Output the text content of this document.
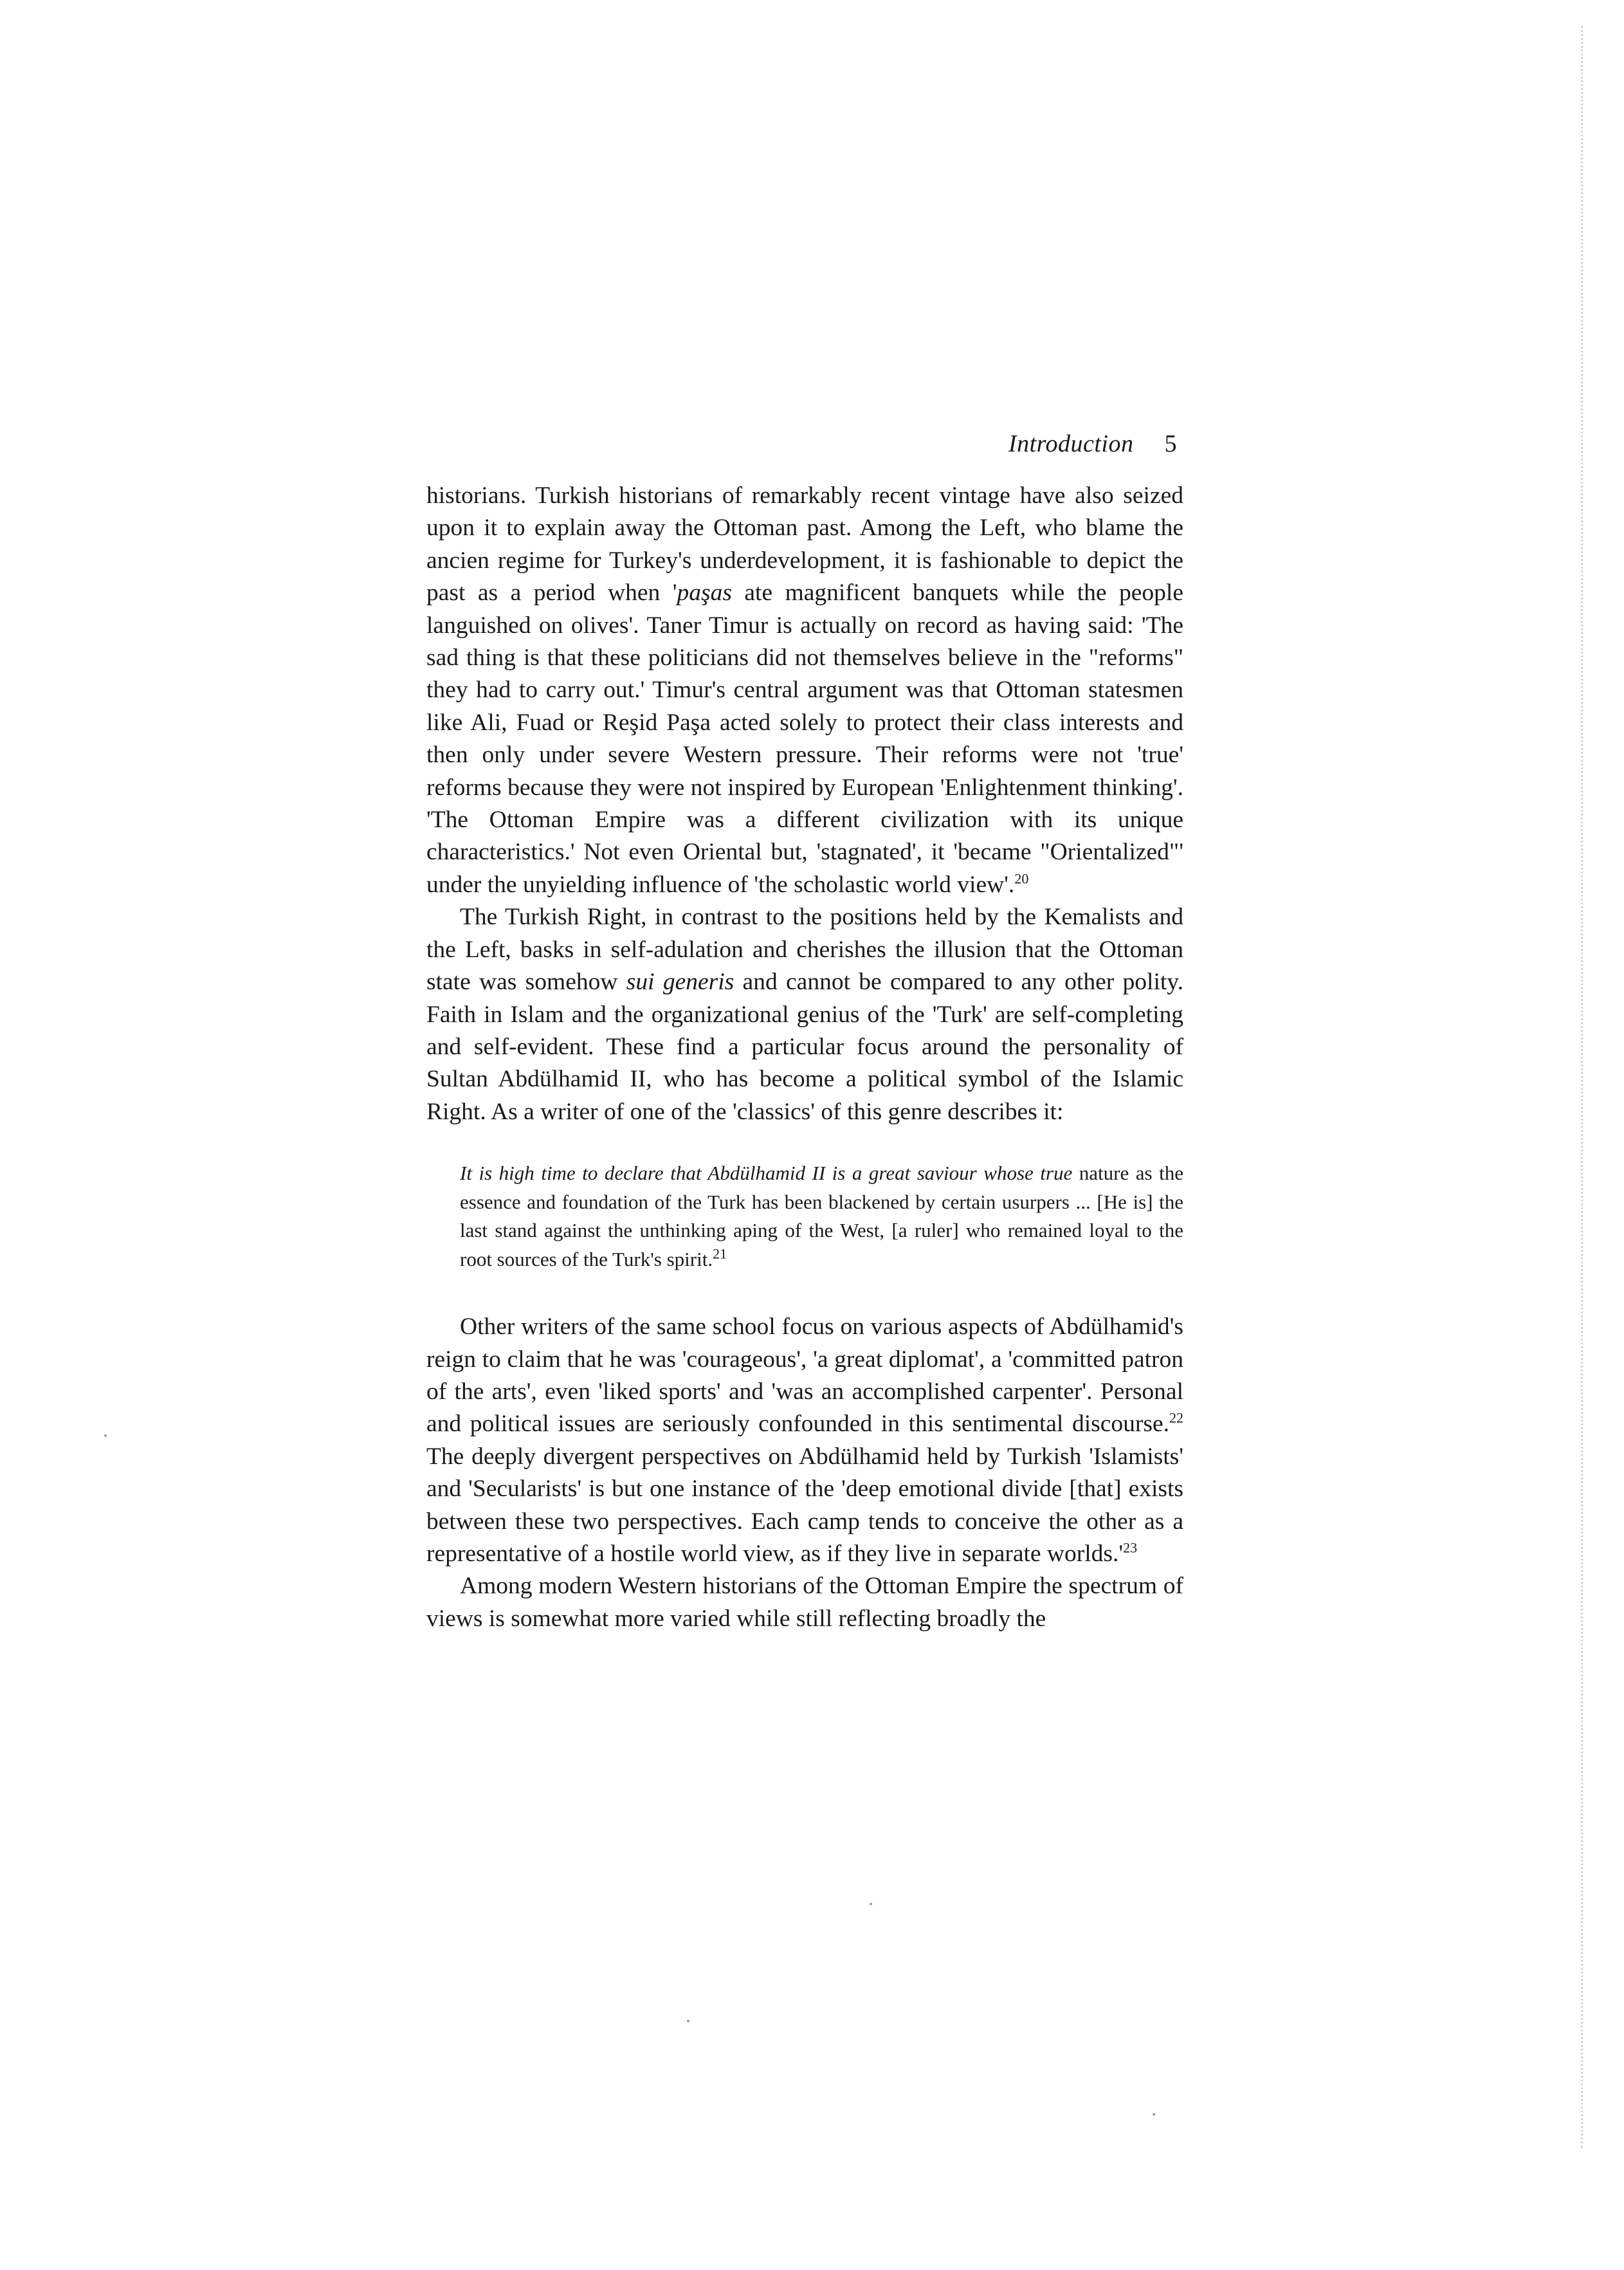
Introduction 5

historians. Turkish historians of remarkably recent vintage have also seized upon it to explain away the Ottoman past. Among the Left, who blame the ancien regime for Turkey's underdevelopment, it is fashionable to depict the past as a period when 'paşas ate magnificent banquets while the people languished on olives'. Taner Timur is actually on record as having said: 'The sad thing is that these politicians did not themselves believe in the "reforms" they had to carry out.' Timur's central argument was that Ottoman statesmen like Ali, Fuad or Reşid Paşa acted solely to protect their class interests and then only under severe Western pressure. Their reforms were not 'true' reforms because they were not inspired by European 'Enlightenment thinking'. 'The Ottoman Empire was a different civilization with its unique characteristics.' Not even Oriental but, 'stagnated', it 'became "Orientalized"' under the unyielding influence of 'the scholastic world view'.$^{20}$

The Turkish Right, in contrast to the positions held by the Kemalists and the Left, basks in self-adulation and cherishes the illusion that the Ottoman state was somehow sui generis and cannot be compared to any other polity. Faith in Islam and the organizational genius of the 'Turk' are self-completing and self-evident. These find a particular focus around the personality of Sultan Abdülhamid II, who has become a political symbol of the Islamic Right. As a writer of one of the 'classics' of this genre describes it:

It is high time to declare that Abdülhamid II is a great saviour whose true nature as the essence and foundation of the Turk has been blackened by certain usurpers ... [He is] the last stand against the unthinking aping of the West, [a ruler] who remained loyal to the root sources of the Turk's spirit.$^{21}$

Other writers of the same school focus on various aspects of Abdülhamid's reign to claim that he was 'courageous', 'a great diplomat', a 'committed patron of the arts', even 'liked sports' and 'was an accomplished carpenter'. Personal and political issues are seriously confounded in this sentimental discourse.$^{22}$ The deeply divergent perspectives on Abdülhamid held by Turkish 'Islamists' and 'Secularists' is but one instance of the 'deep emotional divide [that] exists between these two perspectives. Each camp tends to conceive the other as a representative of a hostile world view, as if they live in separate $worlds.'^{23}$

Among modern Western historians of the Ottoman Empire the spectrum of views is somewhat more varied while still reflecting broadly the
